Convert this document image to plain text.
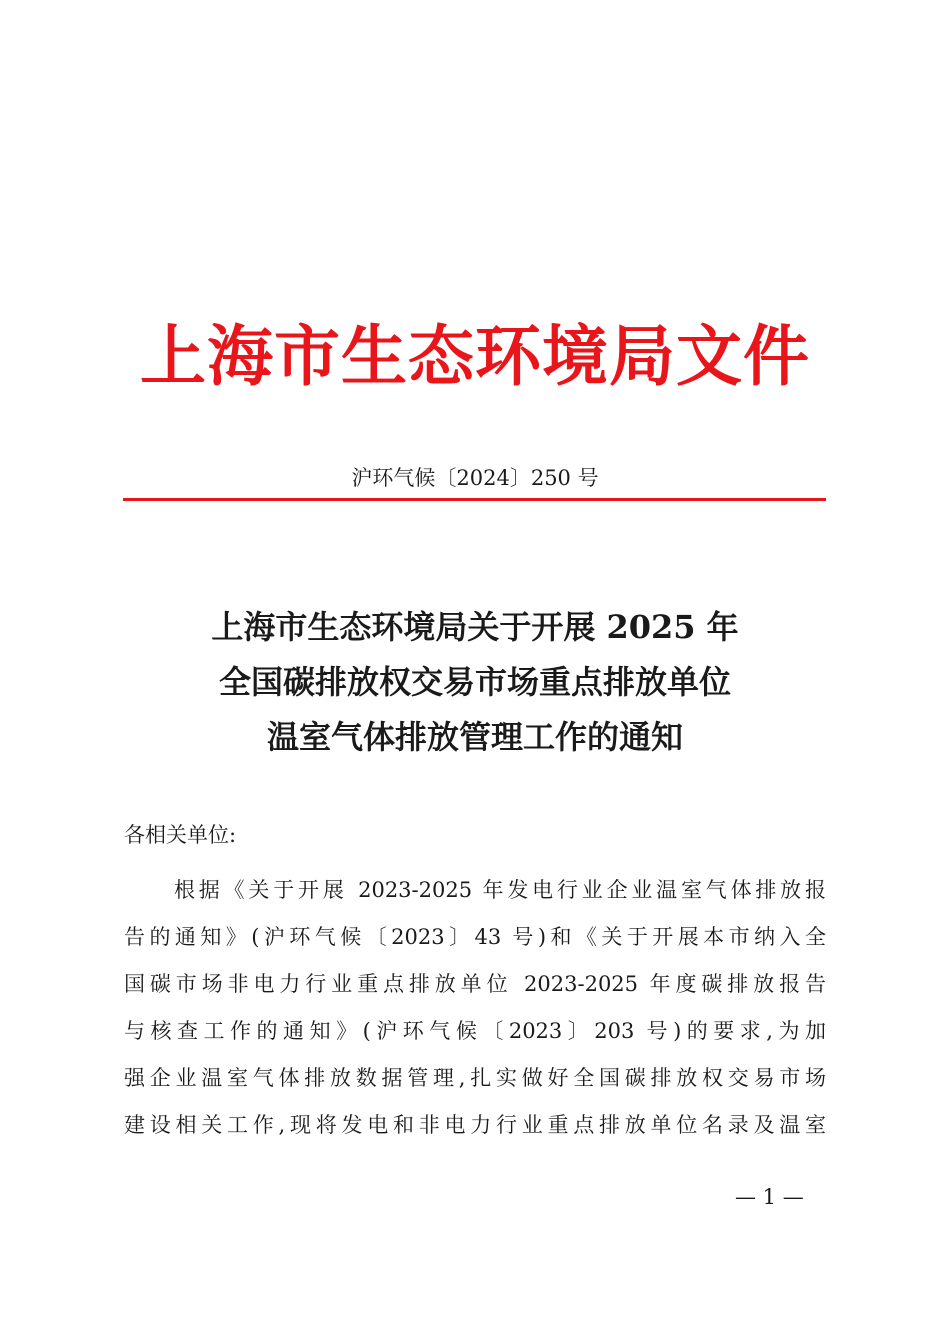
上海市生态环境局文件
沪环气候〔2024〕250 号
上海市生态环境局关于开展 2025 年
全国碳排放权交易市场重点排放单位
温室气体排放管理工作的通知
各相关单位:
根据《关于开展 2023-2025 年发电行业企业温室气体排放报
告的通知》(沪环气候〔2023〕43 号)和《关于开展本市纳入全
国碳市场非电力行业重点排放单位 2023-2025 年度碳排放报告
与核查工作的通知》(沪环气候〔2023〕203 号)的要求,为加
强企业温室气体排放数据管理,扎实做好全国碳排放权交易市场
建设相关工作,现将发电和非电力行业重点排放单位名录及温室
— 1 —
